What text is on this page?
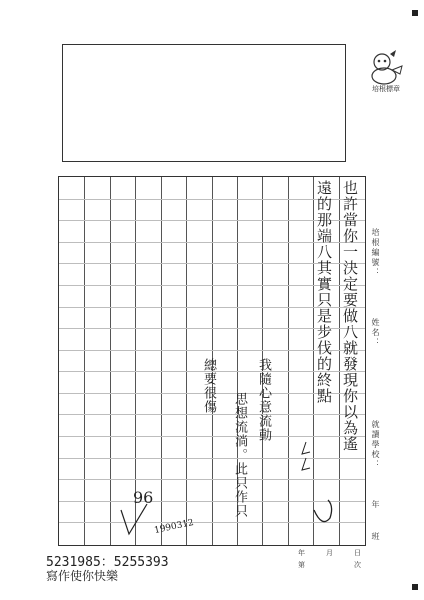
培根標章
培根編號：
姓名：
就讀學校：
年
班
也許當你一決定要做八就發現你以為遙
遠的那端八其實只是步伐的終點
我隨心意流動
思想流淌。此只作只
總要很傷
96
1990312
5231985：5255393
寫作使你快樂
年	月	日
第	次
